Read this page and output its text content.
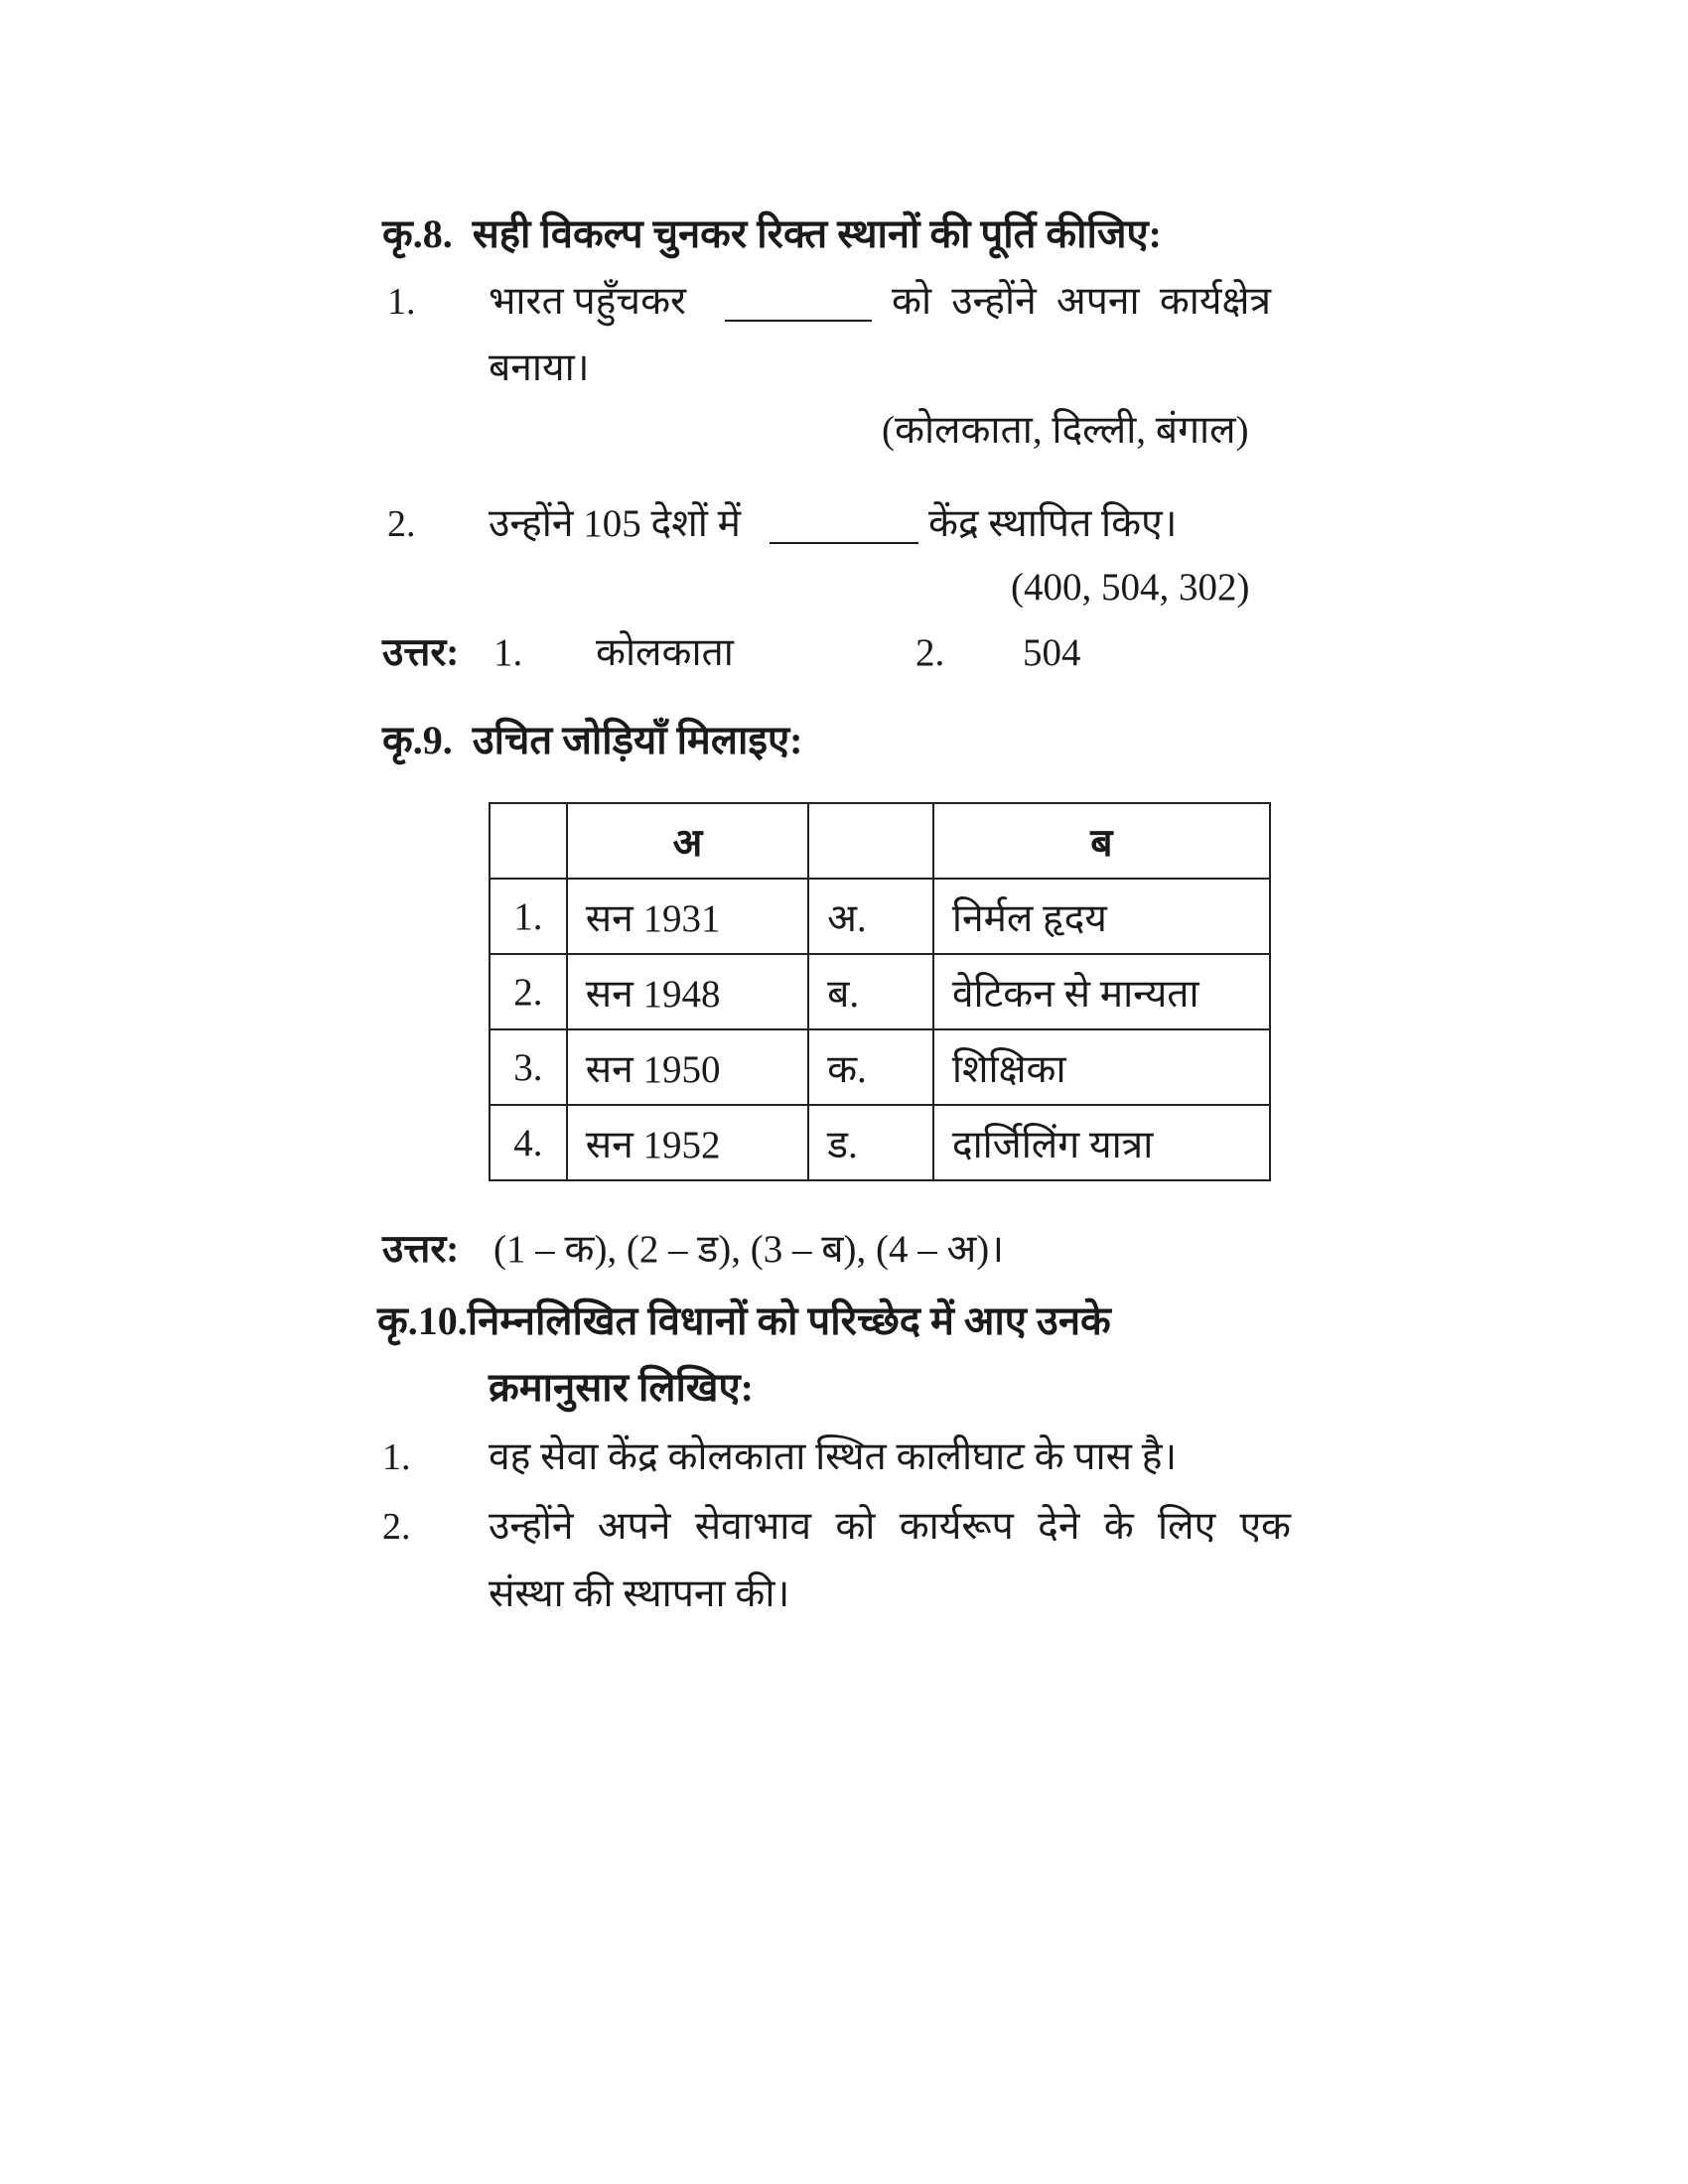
कृ.8. सही विकल्प चुनकर रिक्त स्थानों की पूर्ति कीजिए:
1. भारत पहुँचकर	को उन्होंने अपना कार्यक्षेत्र
बनाया।
(कोलकाता, दिल्ली, बंगाल)
2. उन्होंने 105 देशों में	केंद्र स्थापित किए।
(400, 504, 302)
उत्तर: 1. कोलकाता	2. 504
कृ.9. उचित जोड़ियाँ मिलाइए:
	अ		ब
1.	सन 1931	अ.	निर्मल हृदय
2.	सन 1948	ब.	वेटिकन से मान्यता
3.	सन 1950	क.	शिक्षिका
4.	सन 1952	ड.	दार्जिलिंग यात्रा
उत्तर: (1 – क), (2 – ड), (3 – ब), (4 – अ)।
कृ.10.निम्नलिखित विधानों को परिच्छेद में आए उनके
क्रमानुसार लिखिए:
1. वह सेवा केंद्र कोलकाता स्थित कालीघाट के पास है।
2. उन्होंने अपने सेवाभाव को कार्यरूप देने के लिए एक
संस्था की स्थापना की।
